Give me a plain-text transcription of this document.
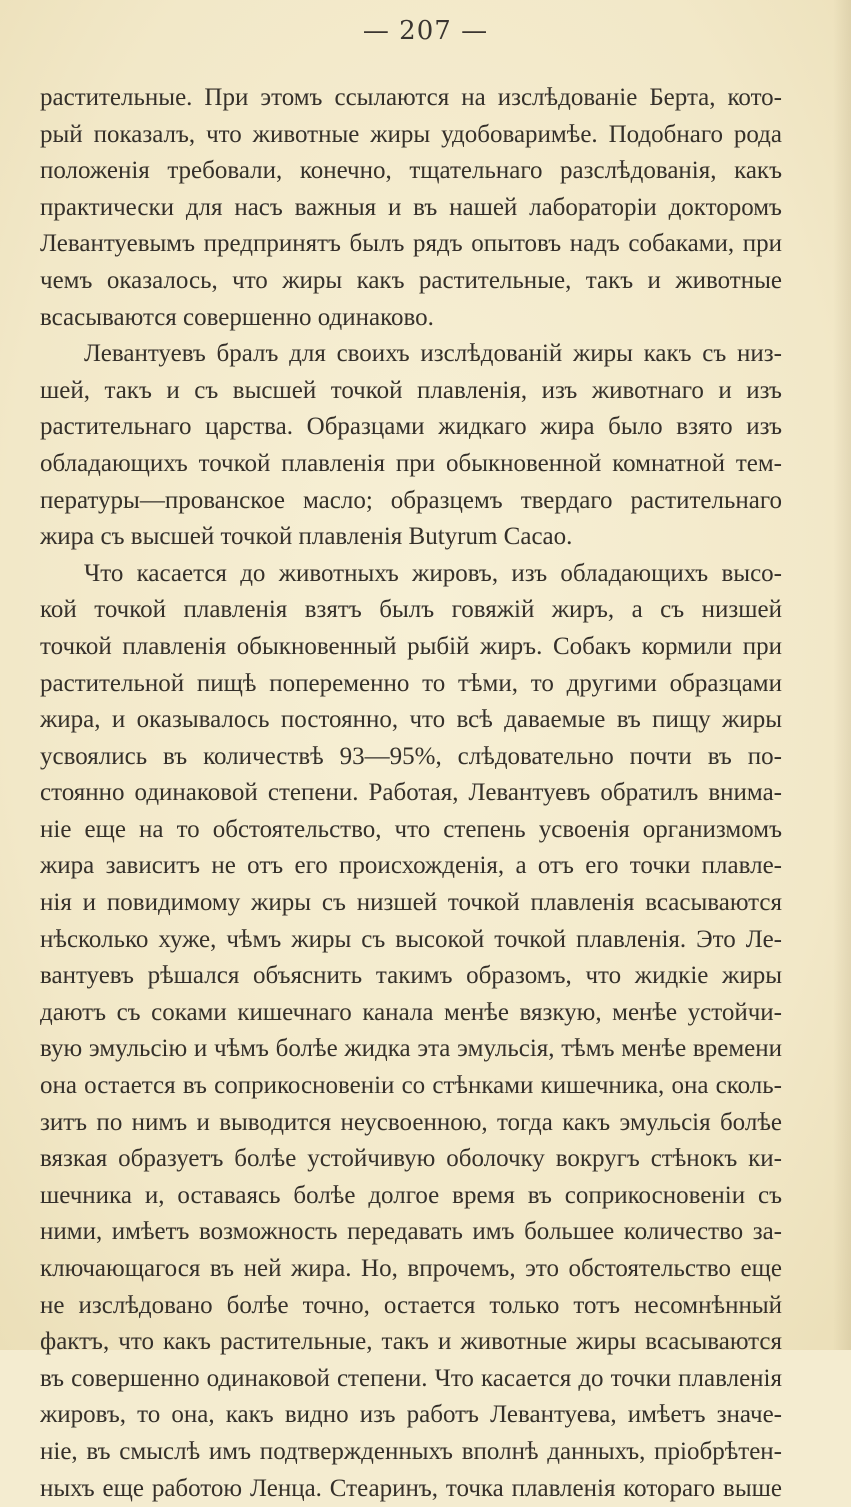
— 207 —
растительные. При этомъ ссылаются на изслѣдованіе Берта, кото-
рый показалъ, что животные жиры удобоваримѣе. Подобнаго рода
положенія требовали, конечно, тщательнаго разслѣдованія, какъ
практически для насъ важныя и въ нашей лабораторіи докторомъ
Левантуевымъ предпринятъ былъ рядъ опытовъ надъ собаками, при
чемъ оказалось, что жиры какъ растительные, такъ и животные
всасываются совершенно одинаково.
Левантуевъ бралъ для своихъ изслѣдованій жиры какъ съ низ-
шей, такъ и съ высшей точкой плавленія, изъ животнаго и изъ
растительнаго царства. Образцами жидкаго жира было взято изъ
обладающихъ точкой плавленія при обыкновенной комнатной тем-
пературы—прованское масло; образцемъ твердаго растительнаго
жира съ высшей точкой плавленія Butyrum Cacao.
Что касается до животныхъ жировъ, изъ обладающихъ высо-
кой точкой плавленія взятъ былъ говяжій жиръ, а съ низшей
точкой плавленія обыкновенный рыбій жиръ. Собакъ кормили при
растительной пищѣ попеременно то тѣми, то другими образцами
жира, и оказывалось постоянно, что всѣ даваемые въ пищу жиры
усвоялись въ количествѣ 93—95%, слѣдовательно почти въ по-
стоянно одинаковой степени. Работая, Левантуевъ обратилъ внима-
ніе еще на то обстоятельство, что степень усвоенія организмомъ
жира зависитъ не отъ его происхожденія, а отъ его точки плавле-
нія и повидимому жиры съ низшей точкой плавленія всасываются
нѣсколько хуже, чѣмъ жиры съ высокой точкой плавленія. Это Ле-
вантуевъ рѣшался объяснить такимъ образомъ, что жидкіе жиры
даютъ съ соками кишечнаго канала менѣе вязкую, менѣе устойчи-
вую эмульсію и чѣмъ болѣе жидка эта эмульсія, тѣмъ менѣе времени
она остается въ соприкосновеніи со стѣнками кишечника, она сколь-
зитъ по нимъ и выводится неусвоенною, тогда какъ эмульсія болѣе
вязкая образуетъ болѣе устойчивую оболочку вокругъ стѣнокъ ки-
шечника и, оставаясь болѣе долгое время въ соприкосновеніи съ
ними, имѣетъ возможность передавать имъ большее количество за-
ключающагося въ ней жира. Но, впрочемъ, это обстоятельство еще
не изслѣдовано болѣе точно, остается только тотъ несомнѣнный
фактъ, что какъ растительные, такъ и животные жиры всасываются
въ совершенно одинаковой степени. Что касается до точки плавленія
жировъ, то она, какъ видно изъ работъ Левантуева, имѣетъ значе-
ніе, въ смыслѣ имъ подтвержденныхъ вполнѣ данныхъ, пріобрѣтен-
ныхъ еще работою Ленца. Стеаринъ, точка плавленія котораго выше
